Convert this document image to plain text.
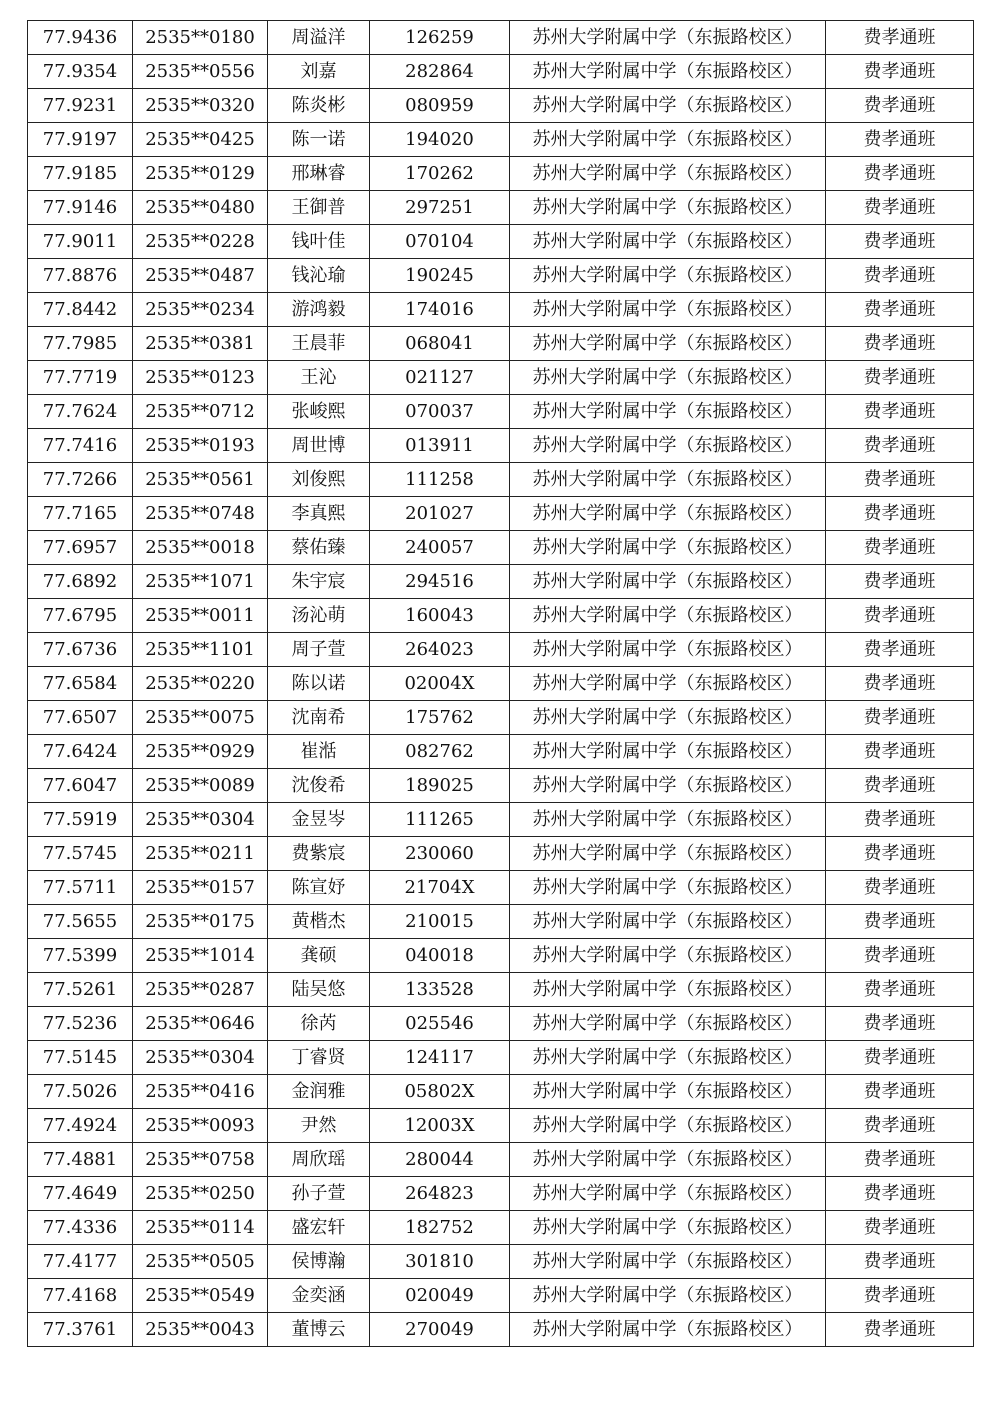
77.9436	2535**0180	周溢洋	126259	苏州大学附属中学（东振路校区）	费孝通班
77.9354	2535**0556	刘嘉	282864	苏州大学附属中学（东振路校区）	费孝通班
77.9231	2535**0320	陈炎彬	080959	苏州大学附属中学（东振路校区）	费孝通班
77.9197	2535**0425	陈一诺	194020	苏州大学附属中学（东振路校区）	费孝通班
77.9185	2535**0129	邢琳睿	170262	苏州大学附属中学（东振路校区）	费孝通班
77.9146	2535**0480	王御普	297251	苏州大学附属中学（东振路校区）	费孝通班
77.9011	2535**0228	钱叶佳	070104	苏州大学附属中学（东振路校区）	费孝通班
77.8876	2535**0487	钱沁瑜	190245	苏州大学附属中学（东振路校区）	费孝通班
77.8442	2535**0234	游鸿毅	174016	苏州大学附属中学（东振路校区）	费孝通班
77.7985	2535**0381	王晨菲	068041	苏州大学附属中学（东振路校区）	费孝通班
77.7719	2535**0123	王沁	021127	苏州大学附属中学（东振路校区）	费孝通班
77.7624	2535**0712	张峻熙	070037	苏州大学附属中学（东振路校区）	费孝通班
77.7416	2535**0193	周世博	013911	苏州大学附属中学（东振路校区）	费孝通班
77.7266	2535**0561	刘俊熙	111258	苏州大学附属中学（东振路校区）	费孝通班
77.7165	2535**0748	李真熙	201027	苏州大学附属中学（东振路校区）	费孝通班
77.6957	2535**0018	蔡佑臻	240057	苏州大学附属中学（东振路校区）	费孝通班
77.6892	2535**1071	朱宇宸	294516	苏州大学附属中学（东振路校区）	费孝通班
77.6795	2535**0011	汤沁萌	160043	苏州大学附属中学（东振路校区）	费孝通班
77.6736	2535**1101	周子萱	264023	苏州大学附属中学（东振路校区）	费孝通班
77.6584	2535**0220	陈以诺	02004X	苏州大学附属中学（东振路校区）	费孝通班
77.6507	2535**0075	沈南希	175762	苏州大学附属中学（东振路校区）	费孝通班
77.6424	2535**0929	崔湉	082762	苏州大学附属中学（东振路校区）	费孝通班
77.6047	2535**0089	沈俊希	189025	苏州大学附属中学（东振路校区）	费孝通班
77.5919	2535**0304	金昱岑	111265	苏州大学附属中学（东振路校区）	费孝通班
77.5745	2535**0211	费紫宸	230060	苏州大学附属中学（东振路校区）	费孝通班
77.5711	2535**0157	陈宣妤	21704X	苏州大学附属中学（东振路校区）	费孝通班
77.5655	2535**0175	黄楷杰	210015	苏州大学附属中学（东振路校区）	费孝通班
77.5399	2535**1014	龚硕	040018	苏州大学附属中学（东振路校区）	费孝通班
77.5261	2535**0287	陆吴悠	133528	苏州大学附属中学（东振路校区）	费孝通班
77.5236	2535**0646	徐芮	025546	苏州大学附属中学（东振路校区）	费孝通班
77.5145	2535**0304	丁睿贤	124117	苏州大学附属中学（东振路校区）	费孝通班
77.5026	2535**0416	金润雅	05802X	苏州大学附属中学（东振路校区）	费孝通班
77.4924	2535**0093	尹然	12003X	苏州大学附属中学（东振路校区）	费孝通班
77.4881	2535**0758	周欣瑶	280044	苏州大学附属中学（东振路校区）	费孝通班
77.4649	2535**0250	孙子萱	264823	苏州大学附属中学（东振路校区）	费孝通班
77.4336	2535**0114	盛宏轩	182752	苏州大学附属中学（东振路校区）	费孝通班
77.4177	2535**0505	侯博瀚	301810	苏州大学附属中学（东振路校区）	费孝通班
77.4168	2535**0549	金奕涵	020049	苏州大学附属中学（东振路校区）	费孝通班
77.3761	2535**0043	董博云	270049	苏州大学附属中学（东振路校区）	费孝通班
